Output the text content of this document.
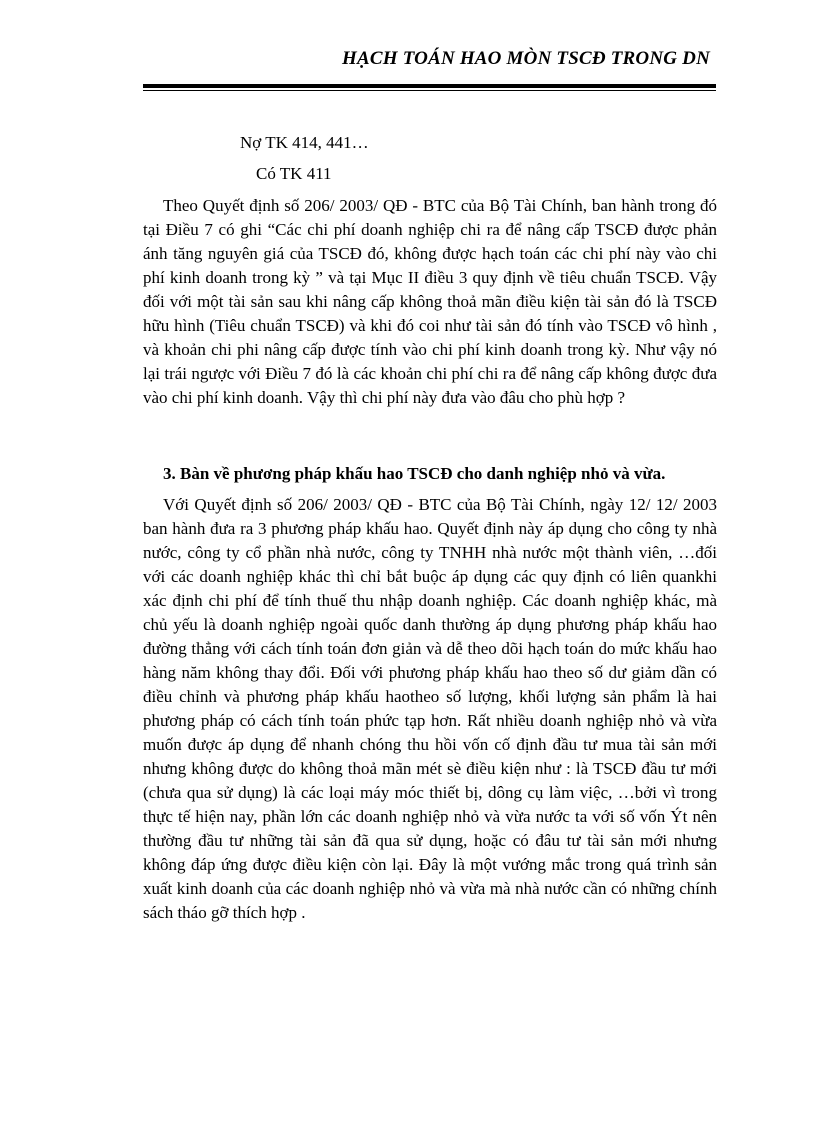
HẠCH TOÁN HAO MÒN TSCĐ TRONG DN
Nợ TK 414, 441…
Có TK 411

Theo Quyết định số 206/ 2003/ QĐ - BTC của Bộ Tài Chính, ban hành trong đó tại Điều 7 có ghi “Các chi phí doanh nghiệp chi ra để nâng cấp TSCĐ được phản ánh tăng nguyên giá của TSCĐ đó, không được hạch toán các chi phí này vào chi phí kinh doanh trong kỳ ” và tại Mục II điều 3 quy định về tiêu chuẩn TSCĐ. Vậy đối với một tài sản sau khi nâng cấp không thoả mãn điều kiện tài sản đó là TSCĐ hữu hình (Tiêu chuẩn TSCĐ) và khi đó coi như tài sản đó tính vào TSCĐ vô hình , và khoản chi phi nâng cấp được tính vào chi phí kinh doanh trong kỳ. Như vậy nó lại trái ngược với Điều 7 đó là các khoản chi phí chi ra để nâng cấp không được đưa vào chi phí kinh doanh. Vậy thì chi phí này đưa vào đâu cho phù hợp ?

3. Bàn về phương pháp khấu hao TSCĐ cho danh nghiệp nhỏ và vừa.

Với Quyết định số 206/ 2003/ QĐ - BTC của Bộ Tài Chính, ngày 12/ 12/ 2003 ban hành đưa ra 3 phương pháp khấu hao. Quyết định này áp dụng cho công ty nhà nước, công ty cổ phần nhà nước, công ty TNHH nhà nước một thành viên, …đối với các doanh nghiệp khác thì chỉ bắt buộc áp dụng các quy định có liên quankhi xác định chi phí để tính thuế thu nhập doanh nghiệp. Các doanh nghiệp khác, mà chủ yếu là doanh nghiệp ngoài quốc danh thường áp dụng phương pháp khấu hao đường thẳng với cách tính toán đơn giản và dễ theo dõi hạch toán do mức khấu hao hàng năm không thay đổi. Đối với phương pháp khấu hao theo số dư giảm dần có điều chỉnh và phương pháp khấu haotheo số lượng, khối lượng sản phẩm là hai phương pháp có cách tính toán phức tạp hơn. Rất nhiều doanh nghiệp nhỏ và vừa muốn được áp dụng để nhanh chóng thu hồi vốn cố định đầu tư mua tài sản mới nhưng không được do không thoả mãn mét sè điều kiện như : là TSCĐ đầu tư mới (chưa qua sử dụng) là các loại máy móc thiết bị, dông cụ làm việc, …bởi vì trong thực tế hiện nay, phần lớn các doanh nghiệp nhỏ và vừa nước ta với số vốn Ýt nên thường đầu tư những tài sản đã qua sử dụng, hoặc có đâu tư tài sản mới nhưng không đáp ứng được điều kiện còn lại. Đây là một vướng mắc trong quá trình sản xuất kinh doanh của các doanh nghiệp nhỏ và vừa mà nhà nước cần có những chính sách tháo gỡ thích hợp .
